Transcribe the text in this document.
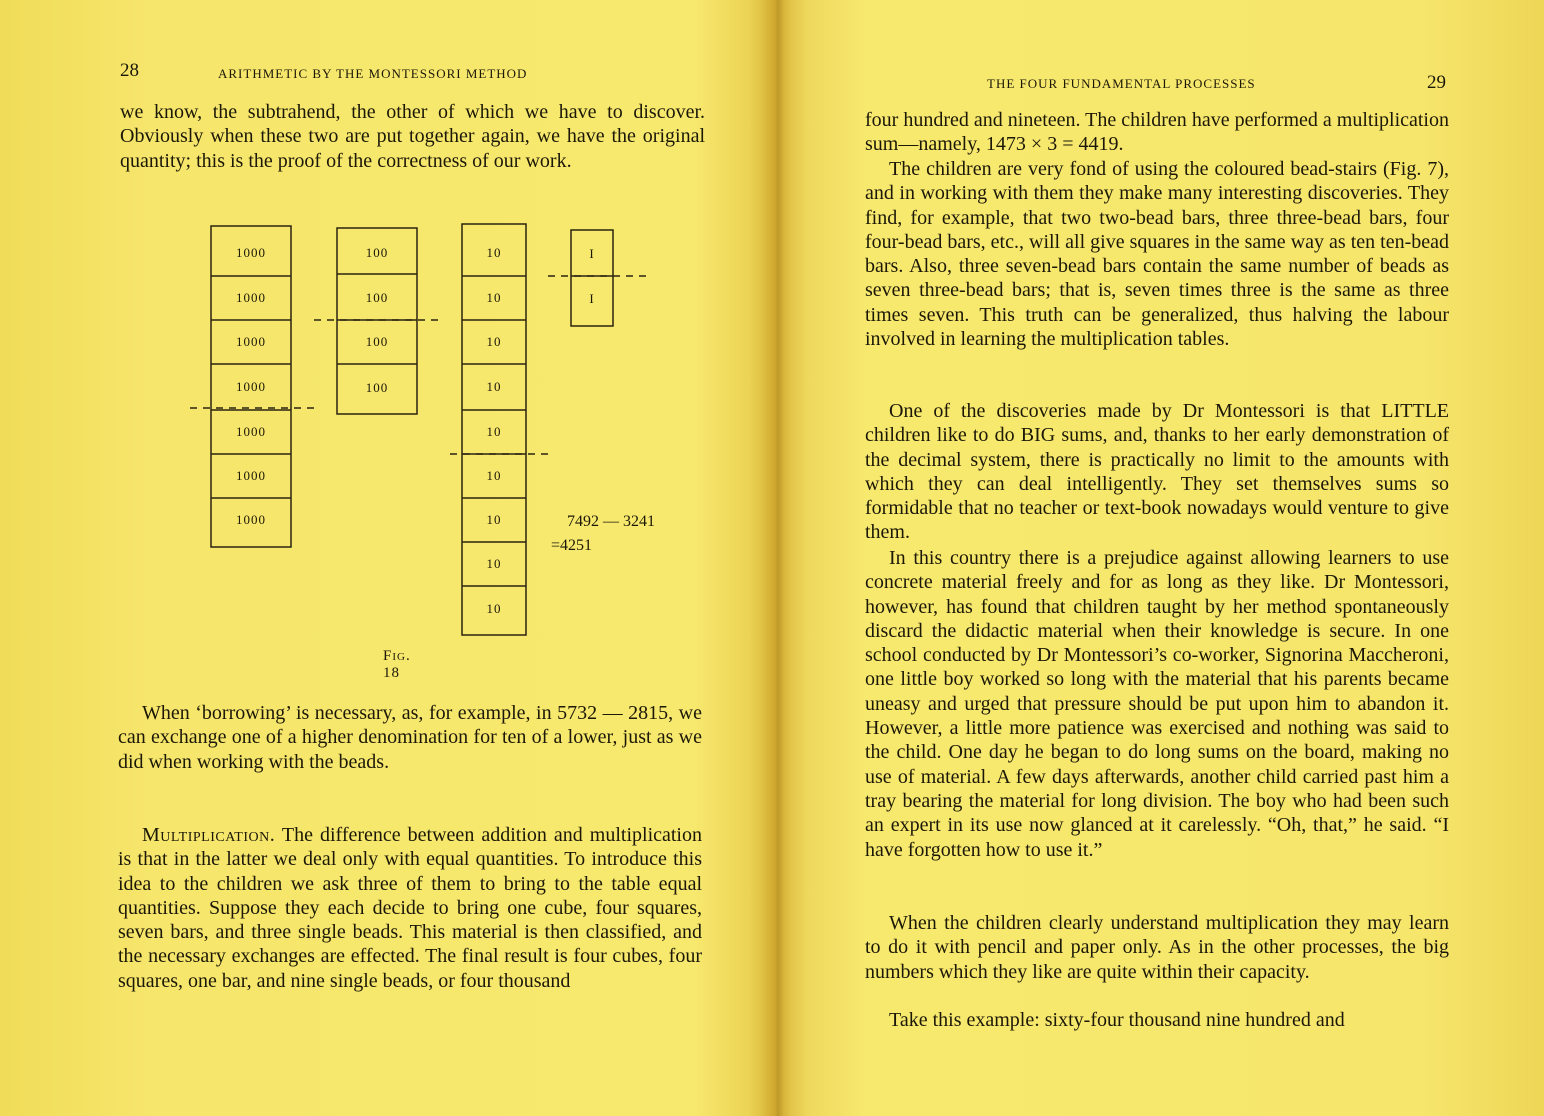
28	ARITHMETIC BY THE MONTESSORI METHOD

we know, the subtrahend, the other of which we have to discover. Obviously when these two are put together again, we have the original quantity; this is the proof of the correctness of our work.

1000
1000
1000
1000
1000
1000
1000
100
100
100
100
10
10
10
10
10
10
10
10
10
I
I
7492 — 3241
=4251
Fig. 18

When ‘borrowing’ is necessary, as, for example, in 5732 — 2815, we can exchange one of a higher denomination for ten of a lower, just as we did when working with the beads.

Multiplication. The difference between addition and multiplication is that in the latter we deal only with equal quantities. To introduce this idea to the children we ask three of them to bring to the table equal quantities. Suppose they each decide to bring one cube, four squares, seven bars, and three single beads. This material is then classified, and the necessary exchanges are effected. The final result is four cubes, four squares, one bar, and nine single beads, or four thousand

THE FOUR FUNDAMENTAL PROCESSES	29

four hundred and nineteen. The children have performed a multiplication sum—namely, 1473 × 3 = 4419.

The children are very fond of using the coloured bead-stairs (Fig. 7), and in working with them they make many interesting discoveries. They find, for example, that two two-bead bars, three three-bead bars, four four-bead bars, etc., will all give squares in the same way as ten ten-bead bars. Also, three seven-bead bars contain the same number of beads as seven three-bead bars; that is, seven times three is the same as three times seven. This truth can be generalized, thus halving the labour involved in learning the multiplication tables.

One of the discoveries made by Dr Montessori is that LITTLE children like to do BIG sums, and, thanks to her early demonstration of the decimal system, there is practically no limit to the amounts with which they can deal intelligently. They set themselves sums so formidable that no teacher or text-book nowadays would venture to give them.

In this country there is a prejudice against allowing learners to use concrete material freely and for as long as they like. Dr Montessori, however, has found that children taught by her method spontaneously discard the didactic material when their knowledge is secure. In one school conducted by Dr Montessori’s co-worker, Signorina Maccheroni, one little boy worked so long with the material that his parents became uneasy and urged that pressure should be put upon him to abandon it. However, a little more patience was exercised and nothing was said to the child. One day he began to do long sums on the board, making no use of material. A few days afterwards, another child carried past him a tray bearing the material for long division. The boy who had been such an expert in its use now glanced at it carelessly. “Oh, that,” he said. “I have forgotten how to use it.”

When the children clearly understand multiplication they may learn to do it with pencil and paper only. As in the other processes, the big numbers which they like are quite within their capacity.

Take this example: sixty-four thousand nine hundred and
